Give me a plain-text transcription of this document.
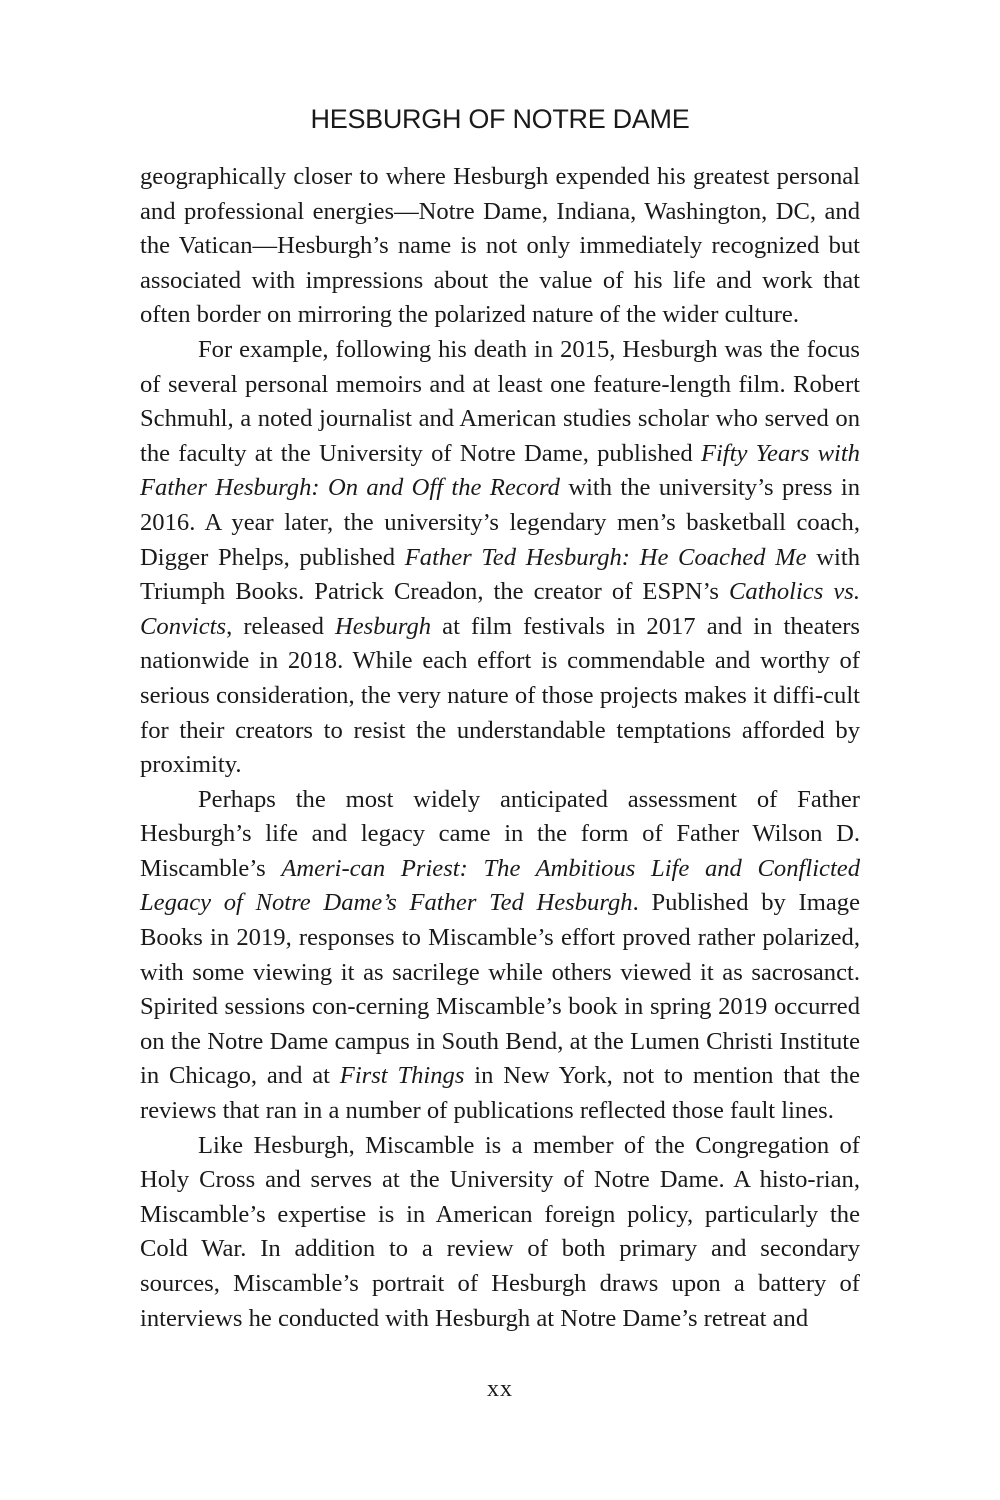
HESBURGH OF NOTRE DAME

geographically closer to where Hesburgh expended his greatest personal and professional energies—Notre Dame, Indiana, Washington, DC, and the Vatican—Hesburgh’s name is not only immediately recognized but associated with impressions about the value of his life and work that often border on mirroring the polarized nature of the wider culture.

For example, following his death in 2015, Hesburgh was the focus of several personal memoirs and at least one feature-length film. Robert Schmuhl, a noted journalist and American studies scholar who served on the faculty at the University of Notre Dame, published Fifty Years with Father Hesburgh: On and Off the Record with the university’s press in 2016. A year later, the university’s legendary men’s basketball coach, Digger Phelps, published Father Ted Hesburgh: He Coached Me with Triumph Books. Patrick Creadon, the creator of ESPN’s Catholics vs. Convicts, released Hesburgh at film festivals in 2017 and in theaters nationwide in 2018. While each effort is commendable and worthy of serious consideration, the very nature of those projects makes it diffi-cult for their creators to resist the understandable temptations afforded by proximity.

Perhaps the most widely anticipated assessment of Father Hesburgh’s life and legacy came in the form of Father Wilson D. Miscamble’s Ameri-can Priest: The Ambitious Life and Conflicted Legacy of Notre Dame’s Father Ted Hesburgh. Published by Image Books in 2019, responses to Miscamble’s effort proved rather polarized, with some viewing it as sacrilege while others viewed it as sacrosanct. Spirited sessions con-cerning Miscamble’s book in spring 2019 occurred on the Notre Dame campus in South Bend, at the Lumen Christi Institute in Chicago, and at First Things in New York, not to mention that the reviews that ran in a number of publications reflected those fault lines.

Like Hesburgh, Miscamble is a member of the Congregation of Holy Cross and serves at the University of Notre Dame. A histo-rian, Miscamble’s expertise is in American foreign policy, particularly the Cold War. In addition to a review of both primary and secondary sources, Miscamble’s portrait of Hesburgh draws upon a battery of interviews he conducted with Hesburgh at Notre Dame’s retreat and

xx
